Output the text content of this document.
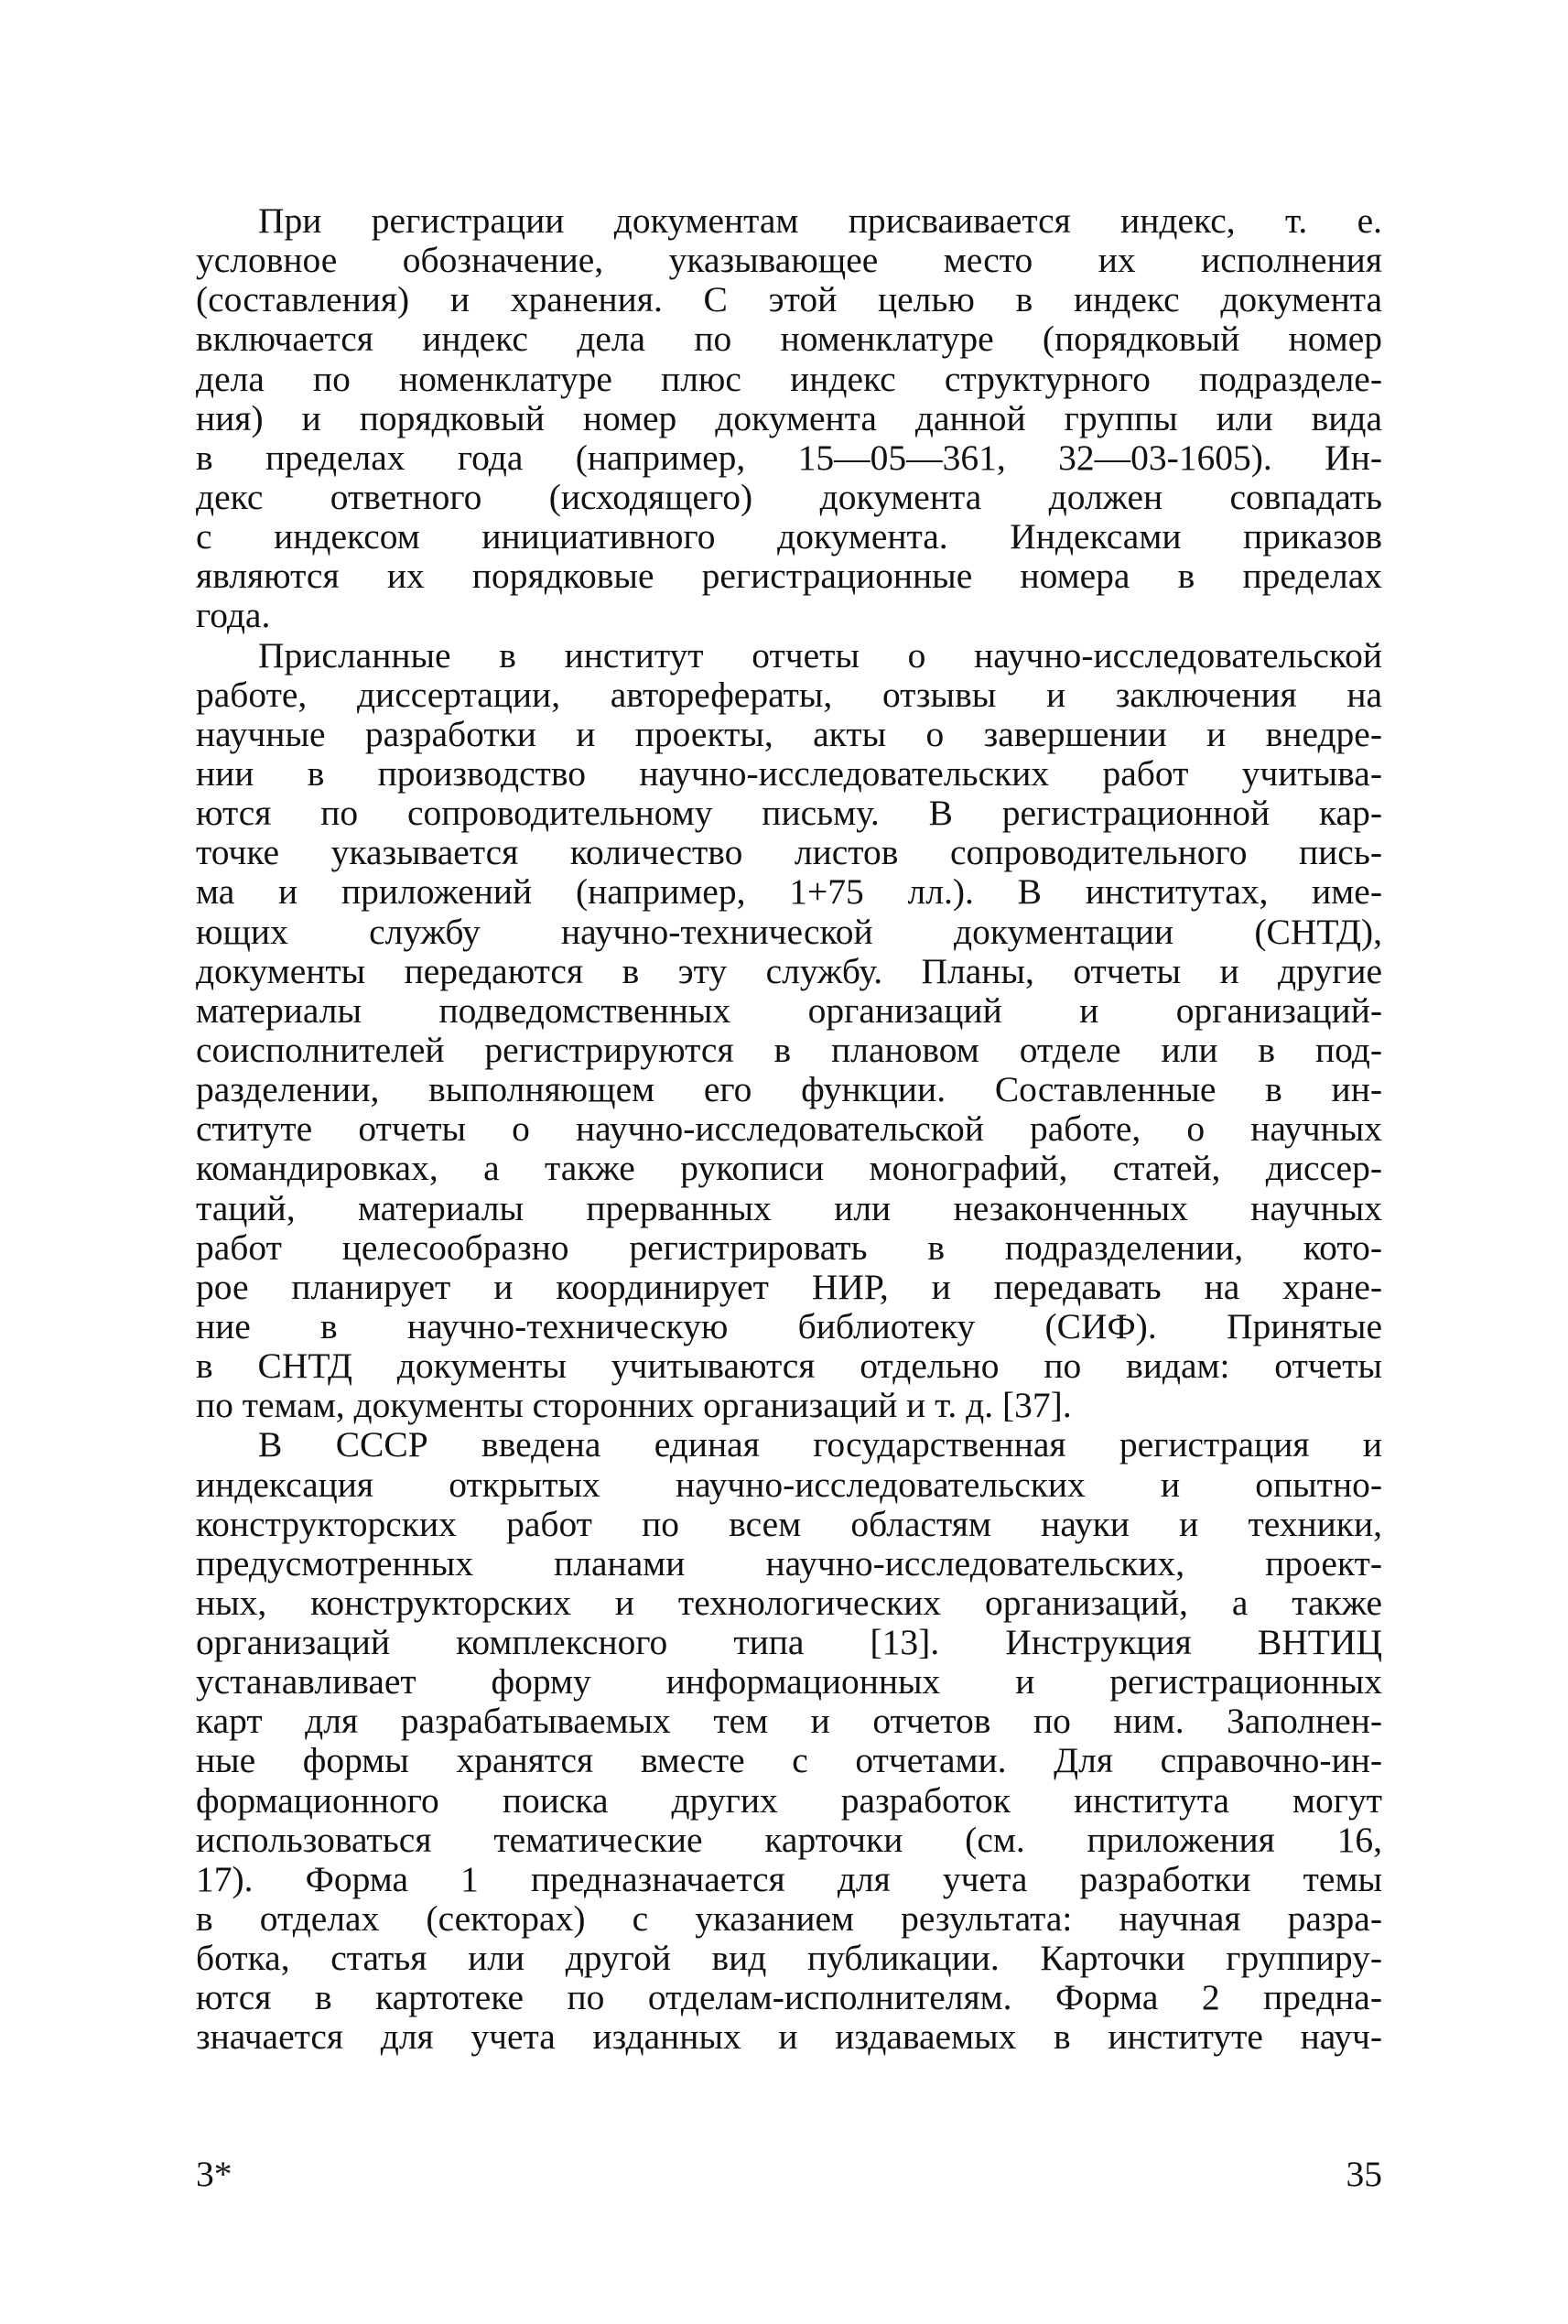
При регистрации документам присваивается индекс, т. е.
условное обозначение, указывающее место их исполнения
(составления) и хранения. С этой целью в индекс документа
включается индекс дела по номенклатуре (порядковый номер
дела по номенклатуре плюс индекс структурного подразделе-
ния) и порядковый номер документа данной группы или вида
в пределах года (например, 15—05—361, 32—03-1605). Ин-
декс ответного (исходящего) документа должен совпадать
с индексом инициативного документа. Индексами приказов
являются их порядковые регистрационные номера в пределах
года.
Присланные в институт отчеты о научно-исследовательской
работе, диссертации, авторефераты, отзывы и заключения на
научные разработки и проекты, акты о завершении и внедре-
нии в производство научно-исследовательских работ учитыва-
ются по сопроводительному письму. В регистрационной кар-
точке указывается количество листов сопроводительного пись-
ма и приложений (например, 1+75 лл.). В институтах, име-
ющих службу научно-технической документации (СНТД),
документы передаются в эту службу. Планы, отчеты и другие
материалы подведомственных организаций и организаций-
соисполнителей регистрируются в плановом отделе или в под-
разделении, выполняющем его функции. Составленные в ин-
ституте отчеты о научно-исследовательской работе, о научных
командировках, а также рукописи монографий, статей, диссер-
таций, материалы прерванных или незаконченных научных
работ целесообразно регистрировать в подразделении, кото-
рое планирует и координирует НИР, и передавать на хране-
ние в научно-техническую библиотеку (СИФ). Принятые
в СНТД документы учитываются отдельно по видам: отчеты
по темам, документы сторонних организаций и т. д. [37].
В СССР введена единая государственная регистрация и
индексация открытых научно-исследовательских и опытно-
конструкторских работ по всем областям науки и техники,
предусмотренных планами научно-исследовательских, проект-
ных, конструкторских и технологических организаций, а также
организаций комплексного типа [13]. Инструкция ВНТИЦ
устанавливает форму информационных и регистрационных
карт для разрабатываемых тем и отчетов по ним. Заполнен-
ные формы хранятся вместе с отчетами. Для справочно-ин-
формационного поиска других разработок института могут
использоваться тематические карточки (см. приложения 16,
17). Форма 1 предназначается для учета разработки темы
в отделах (секторах) с указанием результата: научная разра-
ботка, статья или другой вид публикации. Карточки группиру-
ются в картотеке по отделам-исполнителям. Форма 2 предна-
значается для учета изданных и издаваемых в институте науч-
3*	35
